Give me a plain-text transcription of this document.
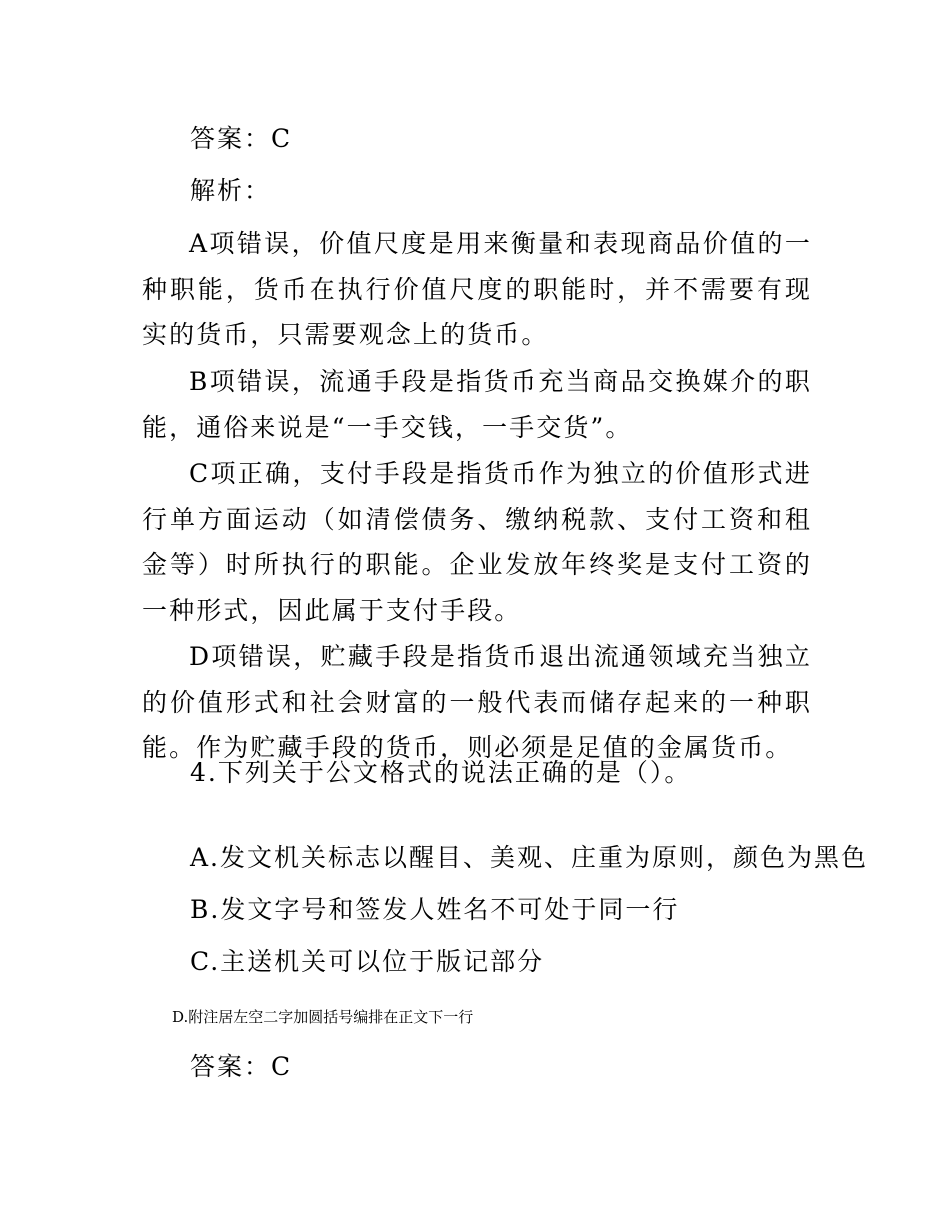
答案：C
解析：
A项错误，价值尺度是用来衡量和表现商品价值的一种职能，货币在执行价值尺度的职能时，并不需要有现实的货币，只需要观念上的货币。
B项错误，流通手段是指货币充当商品交换媒介的职能，通俗来说是“一手交钱，一手交货”。
C项正确，支付手段是指货币作为独立的价值形式进行单方面运动（如清偿债务、缴纳税款、支付工资和租金等）时所执行的职能。企业发放年终奖是支付工资的一种形式，因此属于支付手段。
D项错误，贮藏手段是指货币退出流通领域充当独立的价值形式和社会财富的一般代表而储存起来的一种职能。作为贮藏手段的货币，则必须是足值的金属货币。
4.下列关于公文格式的说法正确的是（）。
A.发文机关标志以醒目、美观、庄重为原则，颜色为黑色
B.发文字号和签发人姓名不可处于同一行
C.主送机关可以位于版记部分
D.附注居左空二字加圆括号编排在正文下一行
答案：C
